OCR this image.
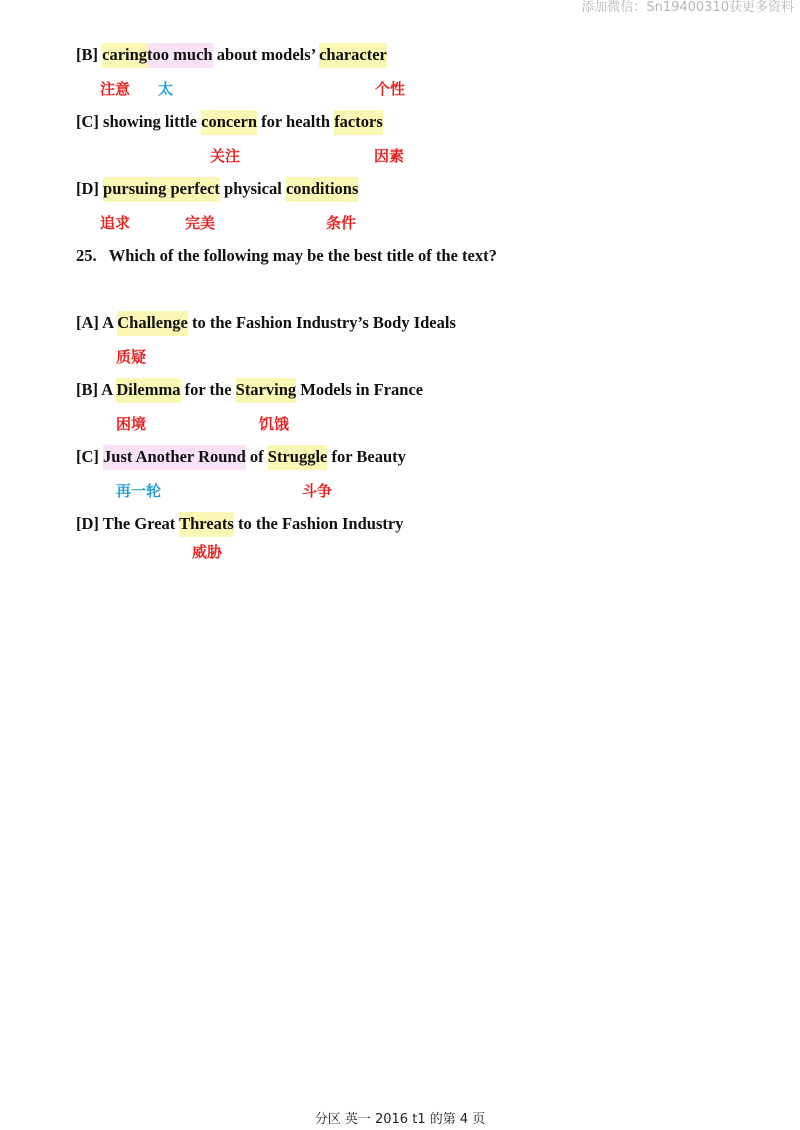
添加微信：Sn19400310获更多资料
[B] caringtoo much about models’ character
注意 太	个性
[C] showing little concern for health factors
关注	因素
[D] pursuing perfect physical conditions
追求	完美	条件
25. Which of the following may be the best title of the text?
[A] A Challenge to the Fashion Industry’s Body Ideals
质疑
[B] A Dilemma for the Starving Models in France
困境	饥饿
[C] Just Another Round of Struggle for Beauty
再一轮	斗争
[D] The Great Threats to the Fashion Industry
威胁
分区 英一 2016 t1 的第 4 页
